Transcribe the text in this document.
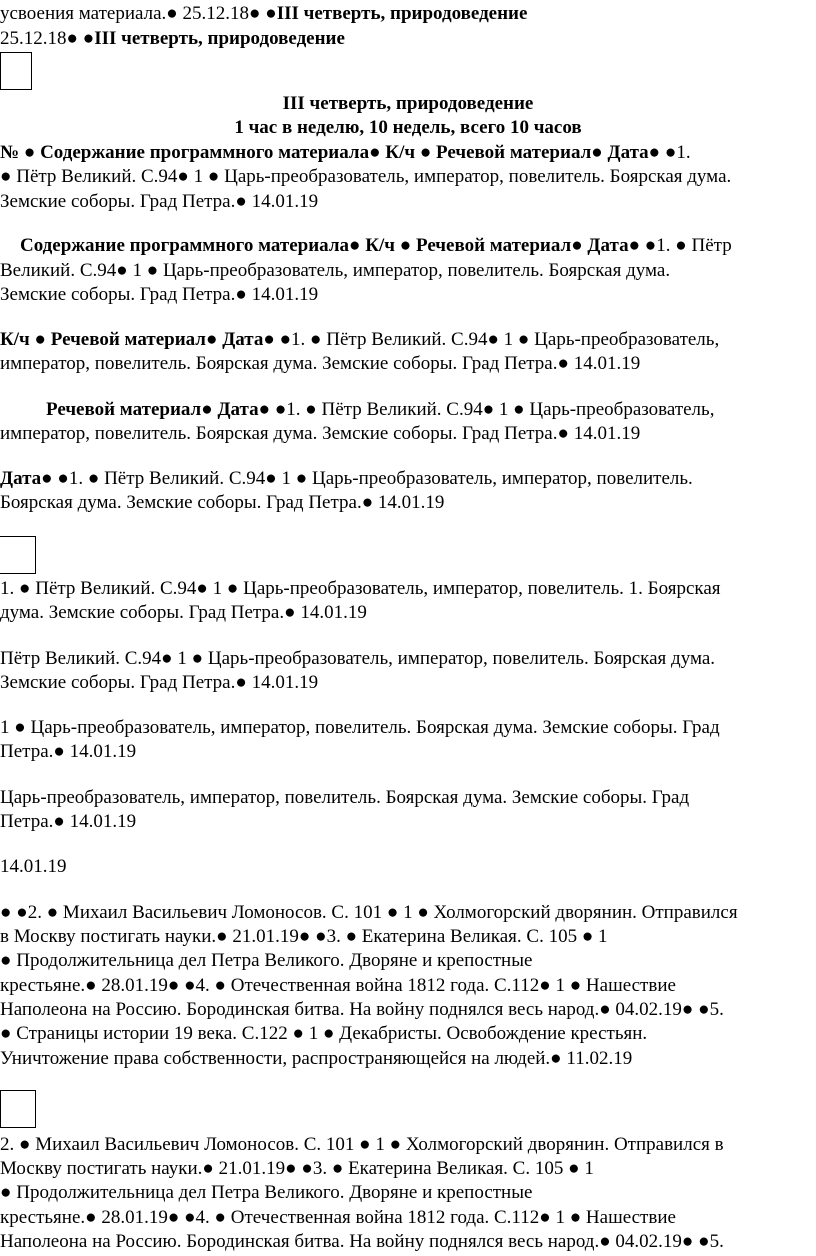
усвоения материала.● 25.12.18● ●III четверть, природоведение
25.12.18● ●III четверть, природоведение
III четверть, природоведение
1 час в неделю, 10 недель, всего 10 часов
№ ● Содержание программного материала● К/ч ● Речевой материал● Дата● ●1.
● Пётр Великий. С.94● 1 ● Царь-преобразователь, император, повелитель. Боярская дума.
Земские соборы. Град Петра.● 14.01.19
Содержание программного материала● К/ч ● Речевой материал● Дата● ●1. ● Пётр
Великий. С.94● 1 ● Царь-преобразователь, император, повелитель. Боярская дума.
Земские соборы. Град Петра.● 14.01.19
К/ч ● Речевой материал● Дата● ●1. ● Пётр Великий. С.94● 1 ● Царь-преобразователь,
император, повелитель. Боярская дума. Земские соборы. Град Петра.● 14.01.19
Речевой материал● Дата● ●1. ● Пётр Великий. С.94● 1 ● Царь-преобразователь,
император, повелитель. Боярская дума. Земские соборы. Град Петра.● 14.01.19
Дата● ●1. ● Пётр Великий. С.94● 1 ● Царь-преобразователь, император, повелитель.
Боярская дума. Земские соборы. Град Петра.● 14.01.19
1. ● Пётр Великий. С.94● 1 ● Царь-преобразователь, император, повелитель. 1. Боярская
дума. Земские соборы. Град Петра.● 14.01.19
Пётр Великий. С.94● 1 ● Царь-преобразователь, император, повелитель. Боярская дума.
Земские соборы. Град Петра.● 14.01.19
1 ● Царь-преобразователь, император, повелитель. Боярская дума. Земские соборы. Град
Петра.● 14.01.19
Царь-преобразователь, император, повелитель. Боярская дума. Земские соборы. Град
Петра.● 14.01.19
14.01.19
● ●2. ● Михаил Васильевич Ломоносов. С. 101 ● 1 ● Холмогорский дворянин. Отправился
в Москву постигать науки.● 21.01.19● ●3. ● Екатерина Великая. С. 105 ● 1
● Продолжительница дел Петра Великого. Дворяне и крепостные
крестьяне.● 28.01.19● ●4. ● Отечественная война 1812 года. С.112● 1 ● Нашествие
Наполеона на Россию. Бородинская битва. На войну поднялся весь народ.● 04.02.19● ●5.
● Страницы истории 19 века. С.122 ● 1 ● Декабристы. Освобождение крестьян.
Уничтожение права собственности, распространяющейся на людей.● 11.02.19
2. ● Михаил Васильевич Ломоносов. С. 101 ● 1 ● Холмогорский дворянин. Отправился в
Москву постигать науки.● 21.01.19● ●3. ● Екатерина Великая. С. 105 ● 1
● Продолжительница дел Петра Великого. Дворяне и крепостные
крестьяне.● 28.01.19● ●4. ● Отечественная война 1812 года. С.112● 1 ● Нашествие
Наполеона на Россию. Бородинская битва. На войну поднялся весь народ.● 04.02.19● ●5.
